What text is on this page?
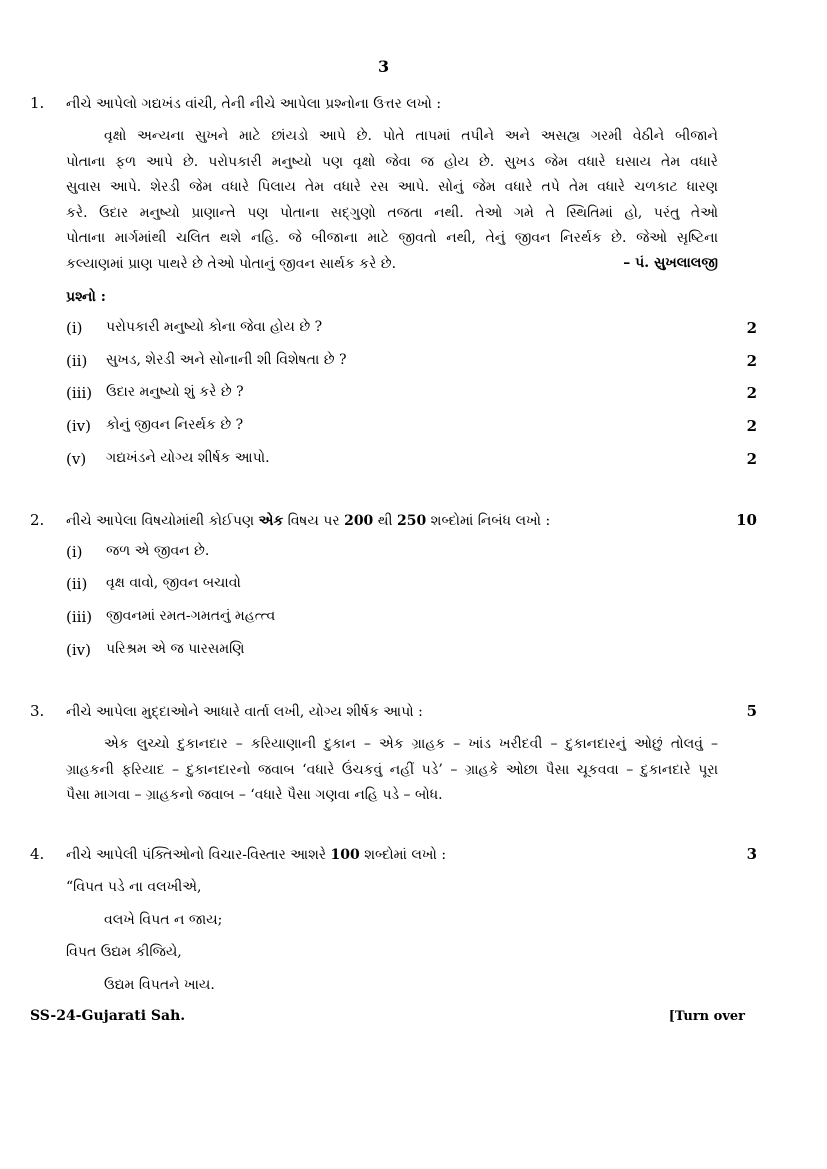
3
1. નીચે આપેલો ગદ્યખંડ વાંચી, તેની નીચે આપેલા પ્રશ્નોના ઉત્તર લખો :
વૃક્ષો અન્યના સુખને માટે છાંયડો આપે છે. પોતે તાપમાં તપીને અને અસહ્ય ગરમી વેઠીને બીજાને
પોતાના ફળ આપે છે. પરોપકારી મનુષ્યો પણ વૃક્ષો જેવા જ હોય છે. સુખડ જેમ વધારે ઘસાય તેમ વધારે
સુવાસ આપે. શેરડી જેમ વધારે પિલાય તેમ વધારે રસ આપે. સોનું જેમ વધારે તપે તેમ વધારે ચળકાટ ધારણ
કરે. ઉદાર મનુષ્યો પ્રાણાન્તે પણ પોતાના સદ્ગુણો તજતા નથી. તેઓ ગમે તે સ્થિતિમાં હો, પરંતુ તેઓ
પોતાના માર્ગમાંથી ચલિત થશે નહિ. જે બીજાના માટે જીવતો નથી, તેનું જીવન નિરર્થક છે. જેઓ સૃષ્ટિના
કલ્યાણમાં પ્રાણ પાથરે છે તેઓ પોતાનું જીવન સાર્થક કરે છે.	– પં. સુખલાલજી
પ્રશ્નો :
(i) પરોપકારી મનુષ્યો કોના જેવા હોય છે ?	2
(ii) સુખડ, શેરડી અને સોનાની શી વિશેષતા છે ?	2
(iii) ઉદાર મનુષ્યો શું કરે છે ?	2
(iv) કોનું જીવન નિરર્થક છે ?	2
(v) ગદ્યખંડને યોગ્ય શીર્ષક આપો.	2
2. નીચે આપેલા વિષયોમાંથી કોઈપણ એક વિષય પર 200 થી 250 શબ્દોમાં નિબંધ લખો :	10
(i) જળ એ જીવન છે.
(ii) વૃક્ષ વાવો, જીવન બચાવો
(iii) જીવનમાં રમત-ગમતનું મહત્ત્વ
(iv) પરિશ્રમ એ જ પારસમણિ
3. નીચે આપેલા મુદ્દાઓને આધારે વાર્તા લખી, યોગ્ય શીર્ષક આપો :	5
એક લુચ્ચો દુકાનદાર – કરિયાણાની દુકાન – એક ગ્રાહક – ખાંડ ખરીદવી – દુકાનદારનું ઓછું તોલવું –
ગ્રાહકની ફરિયાદ – દુકાનદારનો જવાબ ‘વધારે ઉંચકવું નહીં પડે’ – ગ્રાહકે ઓછા પૈસા ચૂકવવા – દુકાનદારે પૂરા
પૈસા માગવા – ગ્રાહકનો જવાબ – ‘વધારે પૈસા ગણવા નહિ પડે – બોધ.
4. નીચે આપેલી પંક્તિઓનો વિચાર-વિસ્તાર આશરે 100 શબ્દોમાં લખો :	3
“વિપત પડે ના વલખીએ,
વલખે વિપત ન જાય;
વિપત ઉદ્યમ કીજિયે,
ઉદ્યમ વિપતને ખાય.
SS-24-Gujarati Sah.	[Turn over
